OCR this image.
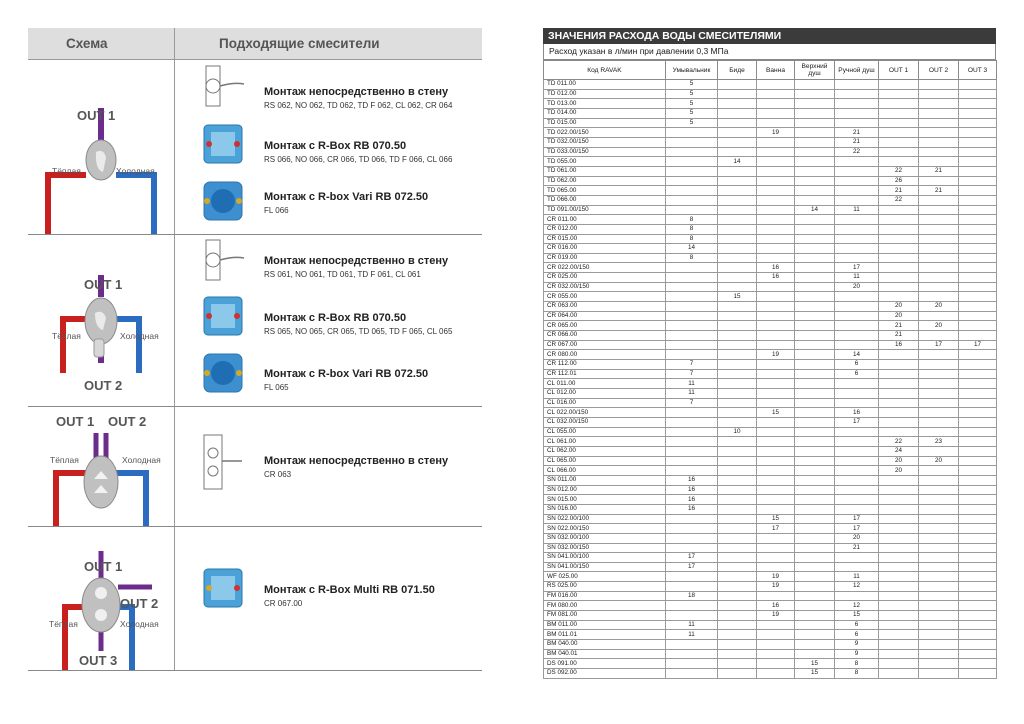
Схема	Подходящие смесители
OUT 1
Тёплая	Холодная
OUT 1
OUT 2
Тёплая	Холодная
OUT 1 OUT 2
Тёплая	Холодная
OUT 1
OUT 2
OUT 3
Тёплая	Холодная
Монтаж непосредственно в стену
RS 062, NO 062, TD 062, TD F 062, CL 062, CR 064
Монтаж с R-Box RB 070.50
RS 066, NO 066, CR 066, TD 066, TD F 066, CL 066
Монтаж с R-box Vari RB 072.50
FL 066
Монтаж непосредственно в стену
RS 061, NO 061, TD 061, TD F 061, CL 061
Монтаж с R-Box RB 070.50
RS 065, NO 065, CR 065, TD 065, TD F 065, CL 065
Монтаж с R-box Vari RB 072.50
FL 065
Монтаж непосредственно в стену
CR 063
Монтаж с R-Box Multi RB 071.50
CR 067.00
ЗНАЧЕНИЯ РАСХОДА ВОДЫ СМЕСИТЕЛЯМИ
Расход указан в л/мин при давлении 0,3 МПа
Код RAVAK	Умывальник	Биде	Ванна	Верхний душ	Ручной душ	OUT 1	OUT 2	OUT 3
TD 011.00	5							
TD 012.00	5							
TD 013.00	5							
TD 014.00	5							
TD 015.00	5							
TD 022.00/150			19		21			
TD 032.00/150					21			
TD 033.00/150					22			
TD 055.00		14						
TD 061.00						22	21	
TD 062.00						26		
TD 065.00						21	21	
TD 066.00						22		
TD 091.00/150				14	11			
CR 011.00	8							
CR 012.00	8							
CR 015.00	8							
CR 016.00	14							
CR 019.00	8							
CR 022.00/150			16		17			
CR 025.00			16		11			
CR 032.00/150					20			
CR 055.00		15						
CR 063.00						20	20	
CR 064.00						20		
CR 065.00						21	20	
CR 066.00						21		
CR 067.00						16	17	17
CR 080.00			19		14			
CR 112.00	7				6			
CR 112.01	7				6			
CL 011.00	11							
CL 012.00	11							
CL 016.00	7							
CL 022.00/150			15		16			
CL 032.00/150					17			
CL 055.00		10						
CL 061.00						22	23	
CL 062.00						24		
CL 065.00						20	20	
CL 066.00						20		
SN 011.00	16							
SN 012.00	16							
SN 015.00	16							
SN 016.00	16							
SN 022.00/100			15		17			
SN 022.00/150			17		17			
SN 032.00/100					20			
SN 032.00/150					21			
SN 041.00/100	17							
SN 041.00/150	17							
WF 025.00			19		11			
RS 025.00			19		12			
FM 016.00	18							
FM 080.00			16		12			
FM 081.00			19		15			
BM 011.00	11				6			
BM 011.01	11				6			
BM 040.00					9			
BM 040.01					9			
DS 091.00				15	8			
DS 092.00				15	8			
